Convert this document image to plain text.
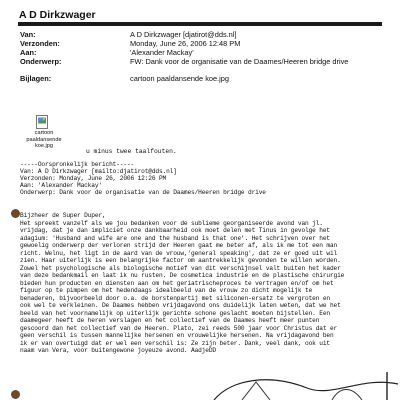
A D Dirkzwager
Van:	A D Dirkzwager [djatirot@dds.nl]
Verzonden:	Monday, June 26, 2006 12:48 PM
Aan:	'Alexander Mackay'
Onderwerp:	FW: Dank voor de organisatie van de Daames/Heeren bridge drive
Bijlagen:	cartoon paaldansende koe.jpg
cartoon
paaldansende koe.jpg
u minus twee taalfouten.
-----Oorspronkelijk bericht-----
Van: A D Dirkzwager [mailto:djatirot@dds.nl]
Verzonden: Monday, June 26, 2006 12:26 PM
Aan: 'Alexander Mackay'
Onderwerp: Dank voor de organisatie van de Daames/Heeren bridge drive
Bijzheer de Super Duper,
Het spreekt vanzelf als we jou bedanken voor de sublieme georganiseerde avond van jl.
vrijdag, dat je dan impliciet onze dankbaarheid ook moet delen met Tinus in gevolge het
adagium: 'Husband and wife are one and the husband is that one'. Het schrijven over het
gewoelig onderwerp der verloren strijd der Heeren gaat me beter af, als ik me tot een man
richt. Welnu, het ligt in de aard van de vrouw,'general speaking', dat ze er goed uit wil
zien. Haar uiterlijk is een belangrijke factor om aantrekkelijk gevonden te willen worden.
Zowel het psychologische als biologische motief van dit verschijnsel valt buiten het kader
van deze bedankmail en laat ik nu rusten. De cosmetica industrie en de plastische chirurgie
bieden hun producten en diensten aan om het geriatrischeproces te vertragen en/of om het
figuur op te pimpen om het hedendaags idealbeeld van de vrouw zo dicht mogelijk te
benaderen, bijvoorbeeld door o.a. de borstenpartij met siliconen-ersatz te vergroten en
ook wel te verkleinen. De Daames hebben vrijdagavond ons duidelijk laten weten, dat we het
beeld van het voornamelijk op uiterlijk gerichte schone geslacht moeten bijstellen. Een
daamegeer heeft de heren verslagen en het collectief van de Daames heeft meer punten
gescoord dan het collectief van de Heeren. Plato, zei reeds 500 jaar voor Christus dat er
geen verschil is tussen mannelijke hersenen en vrouwelijke hersenen. Na vrijdagavond ben
ik er van overtuigd dat er wel een verschil is: Ze zijn beter. Dank, veel dank, ook uit
naam van Vera, voor buitengewone joyeuze avond. AadjeDD
